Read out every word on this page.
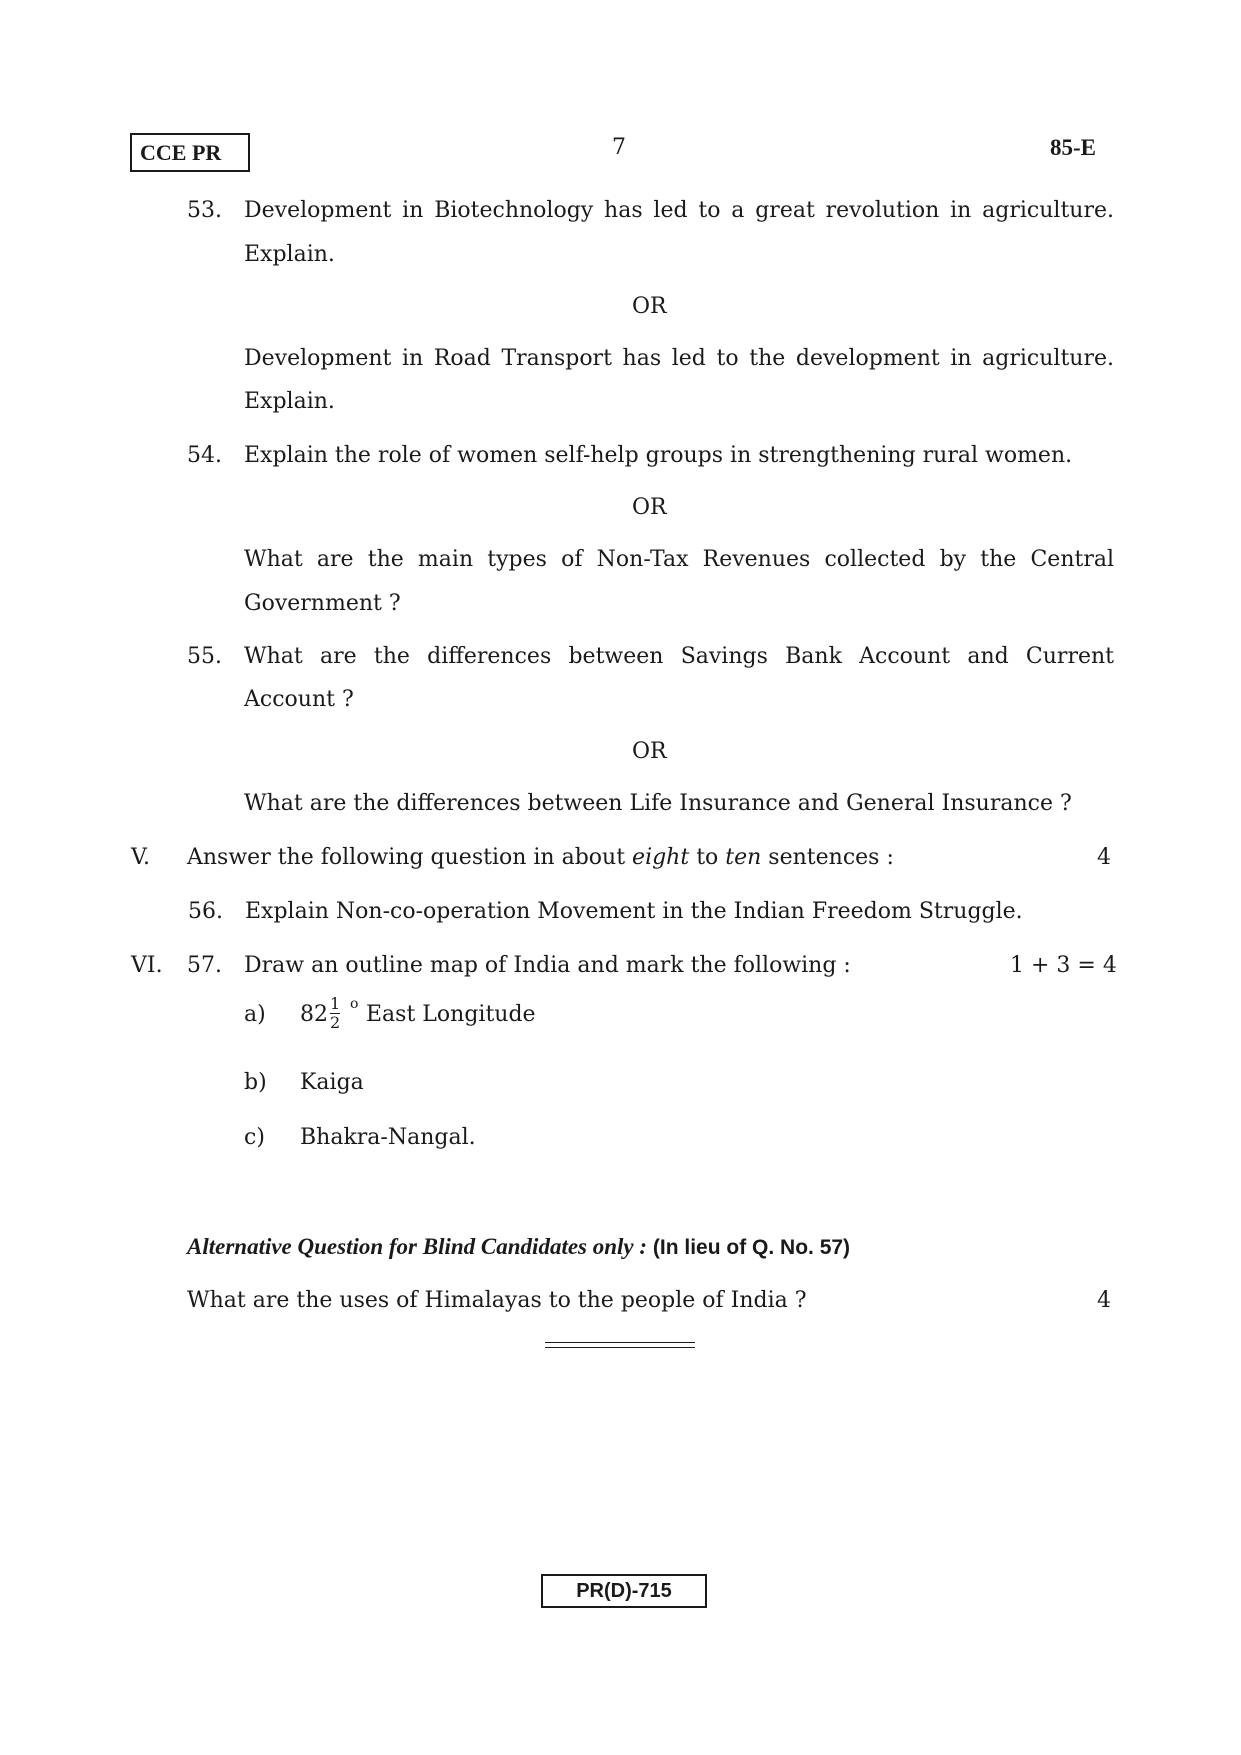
CCE PR	7	85-E
53. Development in Biotechnology has led to a great revolution in agriculture.
Explain.
OR
Development in Road Transport has led to the development in agriculture.
Explain.
54. Explain the role of women self-help groups in strengthening rural women.
OR
What are the main types of Non-Tax Revenues collected by the Central
Government ?
55. What are the differences between Savings Bank Account and Current
Account ?
OR
What are the differences between Life Insurance and General Insurance ?
V. Answer the following question in about eight to ten sentences :	4
56. Explain Non-co-operation Movement in the Indian Freedom Struggle.
VI. 57. Draw an outline map of India and mark the following :	1 + 3 = 4
a) $82 \frac{1}{2}$ o East Longitude
b) Kaiga
c) Bhakra-Nangal.
Alternative Question for Blind Candidates only : (In lieu of Q. No. 57)
What are the uses of Himalayas to the people of India ?	4
PR(D)-715
